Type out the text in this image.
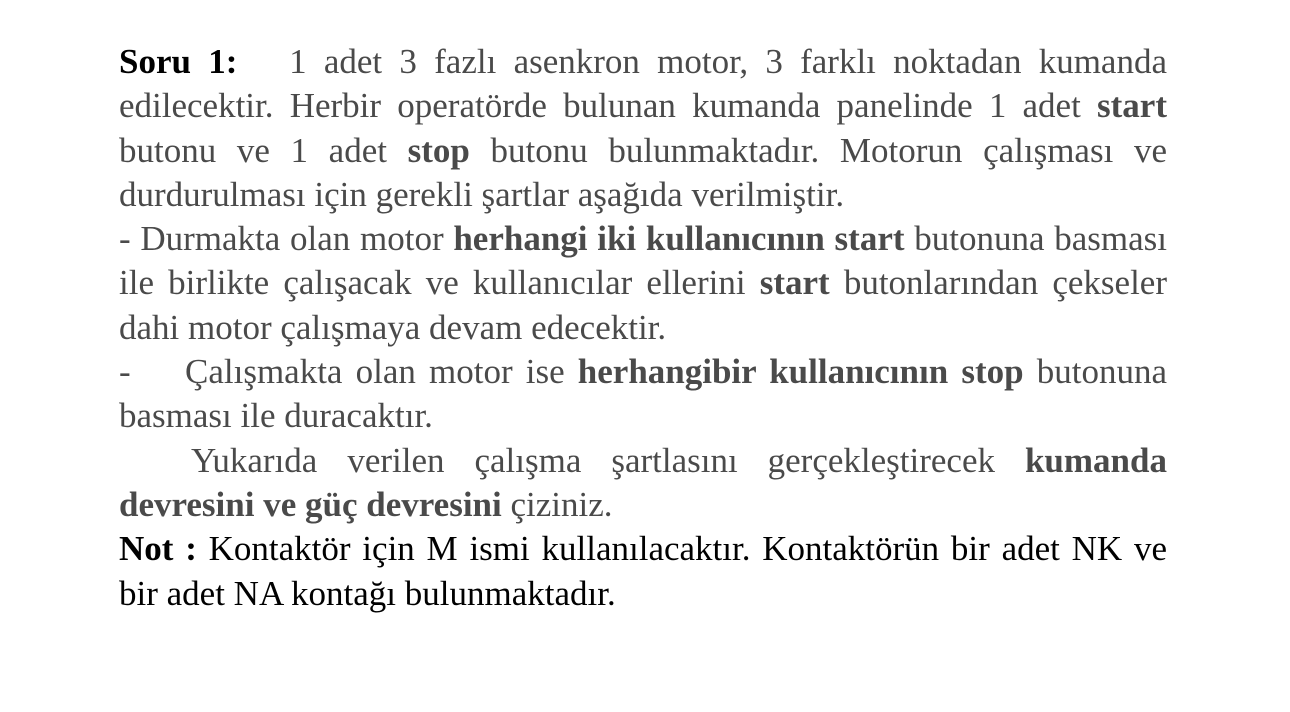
Soru 1:   1 adet 3 fazlı asenkron motor, 3 farklı noktadan kumanda edilecektir. Herbir operatörde bulunan kumanda panelinde 1 adet start butonu ve 1 adet stop butonu bulunmaktadır. Motorun çalışması ve durdurulması için gerekli şartlar aşağıda verilmiştir.

- Durmakta olan motor herhangi iki kullanıcının start butonuna basması ile birlikte çalışacak ve kullanıcılar ellerini start butonlarından çekseler dahi motor çalışmaya devam edecektir.

- Çalışmakta olan motor ise herhangibir kullanıcının stop butonuna basması ile duracaktır.

Yukarıda verilen çalışma şartlasını gerçekleştirecek kumanda devresini ve güç devresini çiziniz.

Not : Kontaktör için M ismi kullanılacaktır. Kontaktörün bir adet NK ve bir adet NA kontağı bulunmaktadır.
